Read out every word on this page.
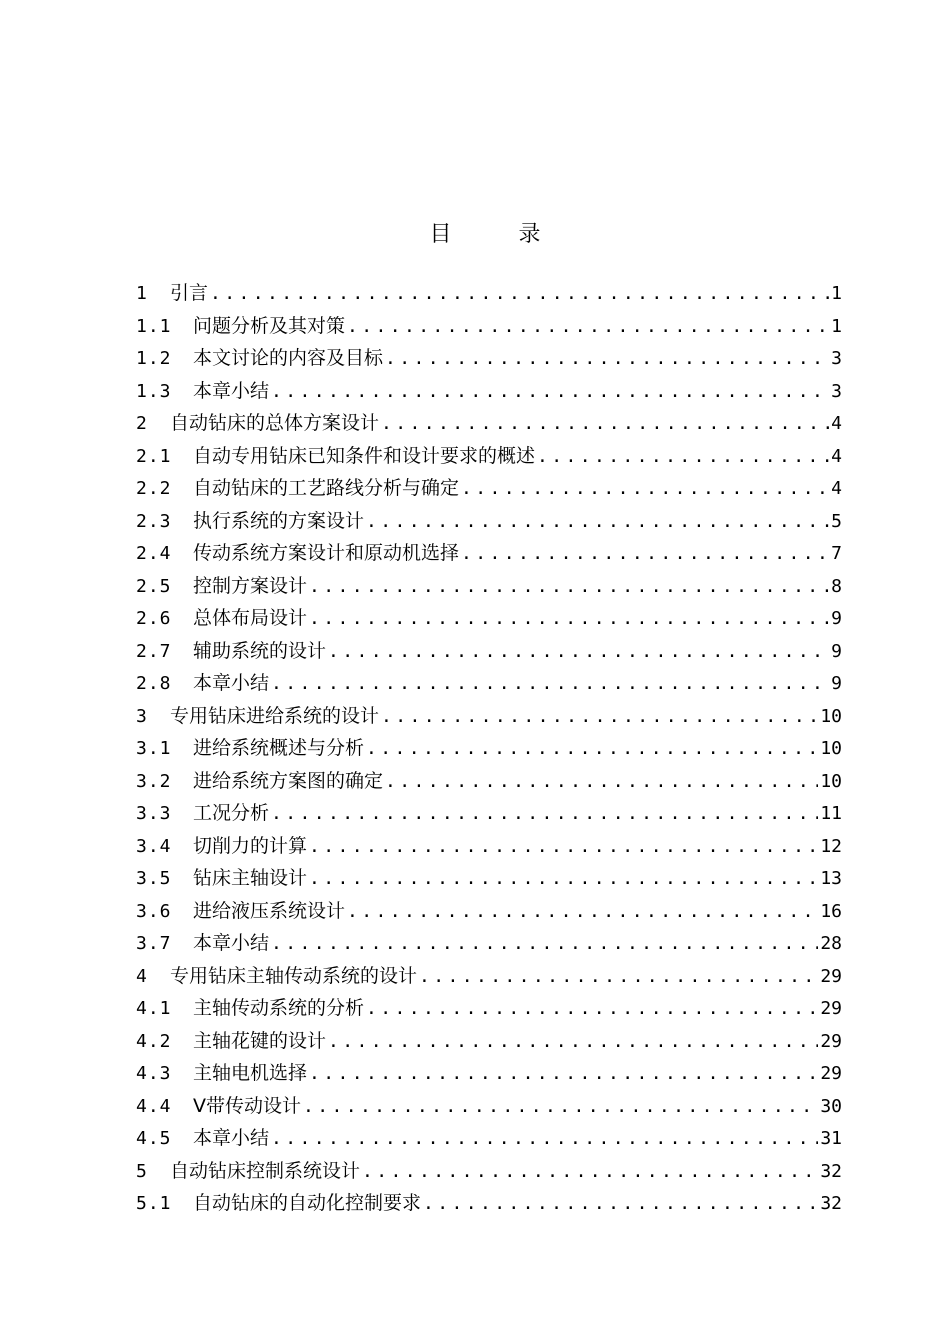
目 录
1	引言 .....	1
1.1	问题分析及其对策 .....	1
1.2	本文讨论的内容及目标 .....	3
1.3	本章小结 .....	3
2	自动钻床的总体方案设计 .....	4
2.1	自动专用钻床已知条件和设计要求的概述 .....	4
2.2	自动钻床的工艺路线分析与确定 .....	4
2.3	执行系统的方案设计 .....	5
2.4	传动系统方案设计和原动机选择 .....	7
2.5	控制方案设计 .....	8
2.6	总体布局设计 .....	9
2.7	辅助系统的设计 .....	9
2.8	本章小结 .....	9
3	专用钻床进给系统的设计 .....	10
3.1	进给系统概述与分析 .....	10
3.2	进给系统方案图的确定 .....	10
3.3	工况分析 .....	11
3.4	切削力的计算 .....	12
3.5	钻床主轴设计 .....	13
3.6	进给液压系统设计 .....	16
3.7	本章小结 .....	28
4	专用钻床主轴传动系统的设计 .....	29
4.1	主轴传动系统的分析 .....	29
4.2	主轴花键的设计 .....	29
4.3	主轴电机选择 .....	29
4.4	V带传动设计 .....	30
4.5	本章小结 .....	31
5	自动钻床控制系统设计 .....	32
5.1	自动钻床的自动化控制要求 .....	32
